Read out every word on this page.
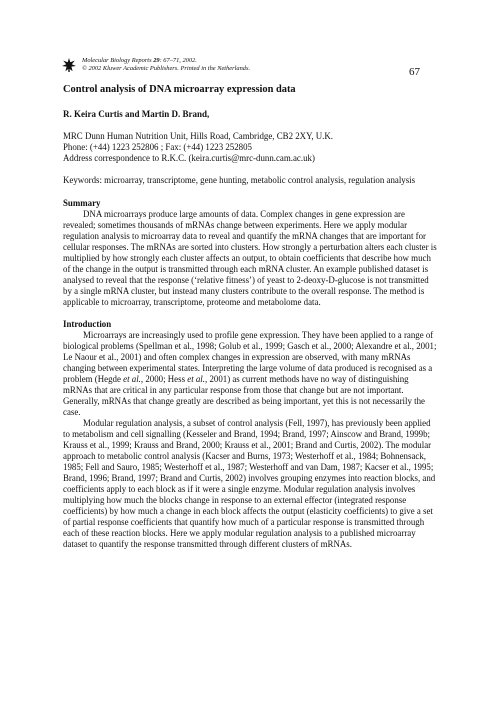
Molecular Biology Reports 29: 67–71, 2002.
© 2002 Kluwer Academic Publishers. Printed in the Netherlands.	67
Control analysis of DNA microarray expression data
R. Keira Curtis and Martin D. Brand,

MRC Dunn Human Nutrition Unit, Hills Road, Cambridge, CB2 2XY, U.K.

Phone: (+44) 1223 252806 ; Fax: (+44) 1223 252805

Address correspondence to R.K.C. (keira.curtis@mrc-dunn.cam.ac.uk)

Keywords: microarray, transcriptome, gene hunting, metabolic control analysis, regulation analysis
Summary

DNA microarrays produce large amounts of data. Complex changes in gene expression are revealed; sometimes thousands of mRNAs change between experiments. Here we apply modular regulation analysis to microarray data to reveal and quantify the mRNA changes that are important for cellular responses. The mRNAs are sorted into clusters. How strongly a perturbation alters each cluster is multiplied by how strongly each cluster affects an output, to obtain coefficients that describe how much of the change in the output is transmitted through each mRNA cluster. An example published dataset is analysed to reveal that the response (‘relative fitness’) of yeast to 2-deoxy-D-glucose is not transmitted by a single mRNA cluster, but instead many clusters contribute to the overall response. The method is applicable to microarray, transcriptome, proteome and metabolome data.

Introduction

Microarrays are increasingly used to profile gene expression. They have been applied to a range of biological problems (Spellman et al., 1998; Golub et al., 1999; Gasch et al., 2000; Alexandre et al., 2001; Le Naour et al., 2001) and often complex changes in expression are observed, with many mRNAs changing between experimental states. Interpreting the large volume of data produced is recognised as a problem (Hegde et al., 2000; Hess et al., 2001) as current methods have no way of distinguishing mRNAs that are critical in any particular response from those that change but are not important. Generally, mRNAs that change greatly are described as being important, yet this is not necessarily the case.

Modular regulation analysis, a subset of control analysis (Fell, 1997), has previously been applied to metabolism and cell signalling (Kesseler and Brand, 1994; Brand, 1997; Ainscow and Brand, 1999b; Krauss et al., 1999; Krauss and Brand, 2000; Krauss et al., 2001; Brand and Curtis, 2002). The modular approach to metabolic control analysis (Kacser and Burns, 1973; Westerhoff et al., 1984; Bohnensack, 1985; Fell and Sauro, 1985; Westerhoff et al., 1987; Westerhoff and van Dam, 1987; Kacser et al., 1995; Brand, 1996; Brand, 1997; Brand and Curtis, 2002) involves grouping enzymes into reaction blocks, and coefficients apply to each block as if it were a single enzyme. Modular regulation analysis involves multiplying how much the blocks change in response to an external effector (integrated response coefficients) by how much a change in each block affects the output (elasticity coefficients) to give a set of partial response coefficients that quantify how much of a particular response is transmitted through each of these reaction blocks. Here we apply modular regulation analysis to a published microarray dataset to quantify the response transmitted through different clusters of mRNAs.
